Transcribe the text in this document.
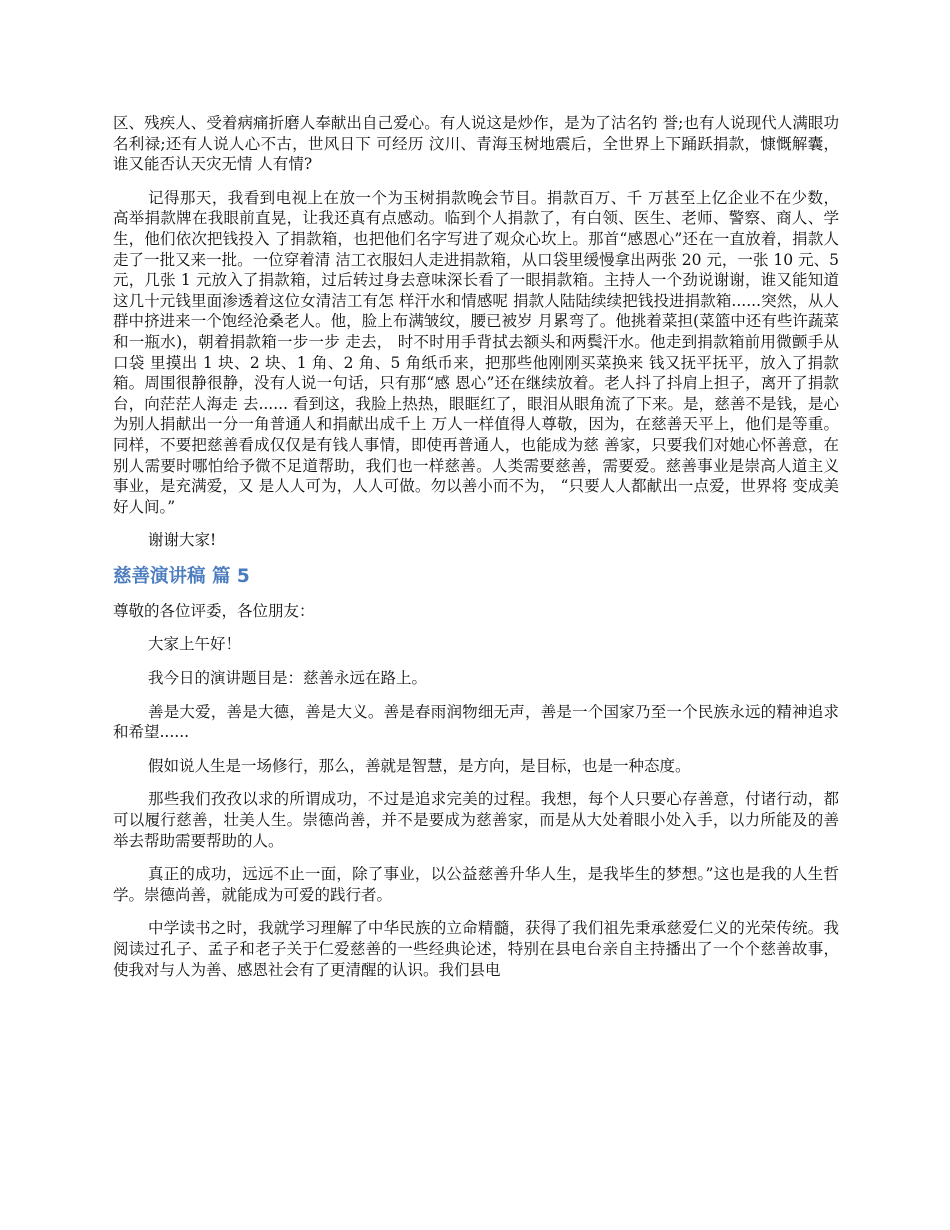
区、残疾人、受着病痛折磨人奉献出自己爱心。有人说这是炒作，是为了沽名钓 誉;也有人说现代人满眼功名利禄;还有人说人心不古，世风日下 可经历 汶川、青海玉树地震后，全世界上下踊跃捐款，慷慨解囊，谁又能否认天灾无情 人有情?

记得那天，我看到电视上在放一个为玉树捐款晚会节目。捐款百万、千 万甚至上亿企业不在少数， 高举捐款牌在我眼前直晃，让我还真有点感动。临到个人捐款了，有白领、医生、老师、警察、商人、学生，他们依次把钱投入 了捐款箱，也把他们名字写进了观众心坎上。那首“感恩心”还在一直放着，捐款人走了一批又来一批。一位穿着清 洁工衣服妇人走进捐款箱，从口袋里缓慢拿出两张 20 元，一张 10 元、5 元，几张 1 元放入了捐款箱，过后转过身去意味深长看了一眼捐款箱。主持人一个劲说谢谢，谁又能知道这几十元钱里面渗透着这位女清洁工有怎 样汗水和情感呢 捐款人陆陆续续把钱投进捐款箱......突然，从人群中挤进来一个饱经沧桑老人。他，脸上布满皱纹，腰已被岁 月累弯了。他挑着菜担(菜篮中还有些许蔬菜和一瓶水)，朝着捐款箱一步一步 走去， 时不时用手背拭去额头和两鬓汗水。他走到捐款箱前用微颤手从口袋 里摸出 1 块、2 块、1 角、2 角、5 角纸币来，把那些他刚刚买菜换来 钱又抚平抚平，放入了捐款箱。周围很静很静，没有人说一句话，只有那“感 恩心”还在继续放着。老人抖了抖肩上担子，离开了捐款台，向茫茫人海走 去...... 看到这，我脸上热热，眼眶红了，眼泪从眼角流了下来。是，慈善不是钱，是心为别人捐献出一分一角普通人和捐献出成千上 万人一样值得人尊敬，因为，在慈善天平上，他们是等重。同样，不要把慈善看成仅仅是有钱人事情，即使再普通人，也能成为慈 善家，只要我们对她心怀善意，在别人需要时哪怕给予微不足道帮助，我们也一样慈善。人类需要慈善，需要爱。慈善事业是崇高人道主义事业，是充满爱，又 是人人可为，人人可做。勿以善小而不为， “只要人人都献出一点爱，世界将 变成美好人间。”

谢谢大家!

慈善演讲稿 篇 5

尊敬的各位评委，各位朋友：

大家上午好！

我今日的演讲题目是：慈善永远在路上。

善是大爱，善是大德，善是大义。善是春雨润物细无声，善是一个国家乃至一个民族永远的精神追求和希望......

假如说人生是一场修行，那么，善就是智慧，是方向，是目标，也是一种态度。

那些我们孜孜以求的所谓成功，不过是追求完美的过程。我想，每个人只要心存善意，付诸行动，都可以履行慈善，壮美人生。崇德尚善，并不是要成为慈善家，而是从大处着眼小处入手，以力所能及的善举去帮助需要帮助的人。

真正的成功，远远不止一面，除了事业，以公益慈善升华人生，是我毕生的梦想。”这也是我的人生哲学。崇德尚善，就能成为可爱的践行者。

中学读书之时，我就学习理解了中华民族的立命精髓，获得了我们祖先秉承慈爱仁义的光荣传统。我阅读过孔子、孟子和老子关于仁爱慈善的一些经典论述，特别在县电台亲自主持播出了一个个慈善故事，使我对与人为善、感恩社会有了更清醒的认识。我们县电
